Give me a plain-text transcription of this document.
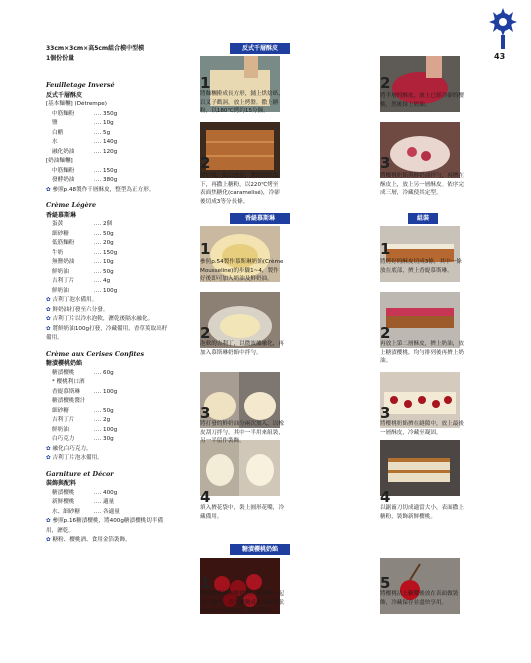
43
33cm×3cm×高5cm組合模中型模
1個份份量
Feuilletage Inversé
反式千層酥皮
[基本麵糰] (Détrempe)
中筋麵粉	‥‥ 350g
鹽	‥‥ 10g
白醋	‥‥ 5g
水	‥‥ 140g
融化奶油	‥‥ 120g
[奶油麵糰]
中筋麵粉	‥‥ 150g
發酵奶油	‥‥ 380g
✿ 參照p.48製作千層酥皮，整型為正方形。
Crème Légère
香緹慕斯琳
蛋黃	‥‥ 2個
細砂糖	‥‥ 50g
低筋麵粉	‥‥ 20g
牛奶	‥‥ 150g
無鹽奶油	‥‥ 10g
鮮奶油	‥‥ 50g
吉利丁片	‥‥ 4g
鮮奶油	‥‥ 100g
✿ 吉利丁泡水備用。
✿ 鮮奶油打發至六分發。
✿ 吉利丁片以冷水泡軟，瀝乾後隔水融化。
✿ 將鮮奶油100g打發，冷藏備用，香草莢取出籽備用。
Crème aux Cerises Confites
糖漬櫻桃奶餡
糖漬櫻桃	‥‥ 60g
* 櫻桃利口酒
香緹慕斯琳 ‥‥ 100g
糖漬櫻桃醬汁
細砂糖	‥‥ 50g
吉利丁片	‥‥ 2g
鮮奶油	‥‥ 100g
白巧克力	‥‥ 30g
✿ 融化白巧克力。
✿ 吉利丁片泡水備用。
Garniture et Décor
裝飾與配料
糖漬櫻桃	‥‥ 400g
新鮮櫻桃	‥‥ 適量
水、細砂糖 ‥‥ 各適量
✿ 參照p.16糖漬櫻桃，將400g糖漬櫻桃切半備用，瀝乾。
✿ 糖粉、櫻桃酒、食用金箔裝飾。
反式千層酥皮
香緹慕斯琳	組裝
糖漬櫻桃奶餡
1
將麵糰擀成長方形，鋪上烘焙紙，以叉子戳洞，放上烤盤。撒上糖粉，以180℃烤約15分鐘。
2
烤好後，取出放涼，將烘焙紙取下，再撒上糖粉，以220℃烤至表面焦糖化(caramelisé)，冷卻後切成3等分長條。
1
參照p.54製作慕斯琳奶餡(Crème Mousseline)的步驟1~4，製作好後即可加入奶油及鮮奶油。
2
泡軟的吉利丁，以微波爐融化，再加入慕斯琳奶餡中拌勻。
3
將打發的鮮奶油分兩次加入，以橡皮刮刀拌勻。其中一半用來組裝，另一半留作裝飾。
4
填入擠花袋中，裝上圓形花嘴，冷藏備用。
1
將糖漬櫻桃與櫻桃酒、細砂糖一起放入鍋中，煮至濃稠成為半糖漬狀態(Semi-Confit)，放涼備用。
2
將半層的酥皮，放上已經冷卻的櫻桃，然後抹上奶油。
3
將櫻桃奶餡與鮮奶油拌勻，再擠在酥皮上，放上另一層酥皮。依序完成三層，冷藏使其定型。
1
將烤好的酥皮切成3條，其中一條放在底部，擠上香緹慕斯琳。
2
再放上第二層酥皮，擠上奶油，放上糖漬櫻桃，均勻排列後再擠上奶油。
3
將櫻桃奶餡擠在縫隙中，放上最後一層酥皮，冷藏至凝固。
4
以鋸齒刀切成適當大小，表面撒上糖粉，裝飾新鮮櫻桃。
5
將櫻桃沾上糖漿後放在表面做裝飾，冷藏保存並盡快享用。
